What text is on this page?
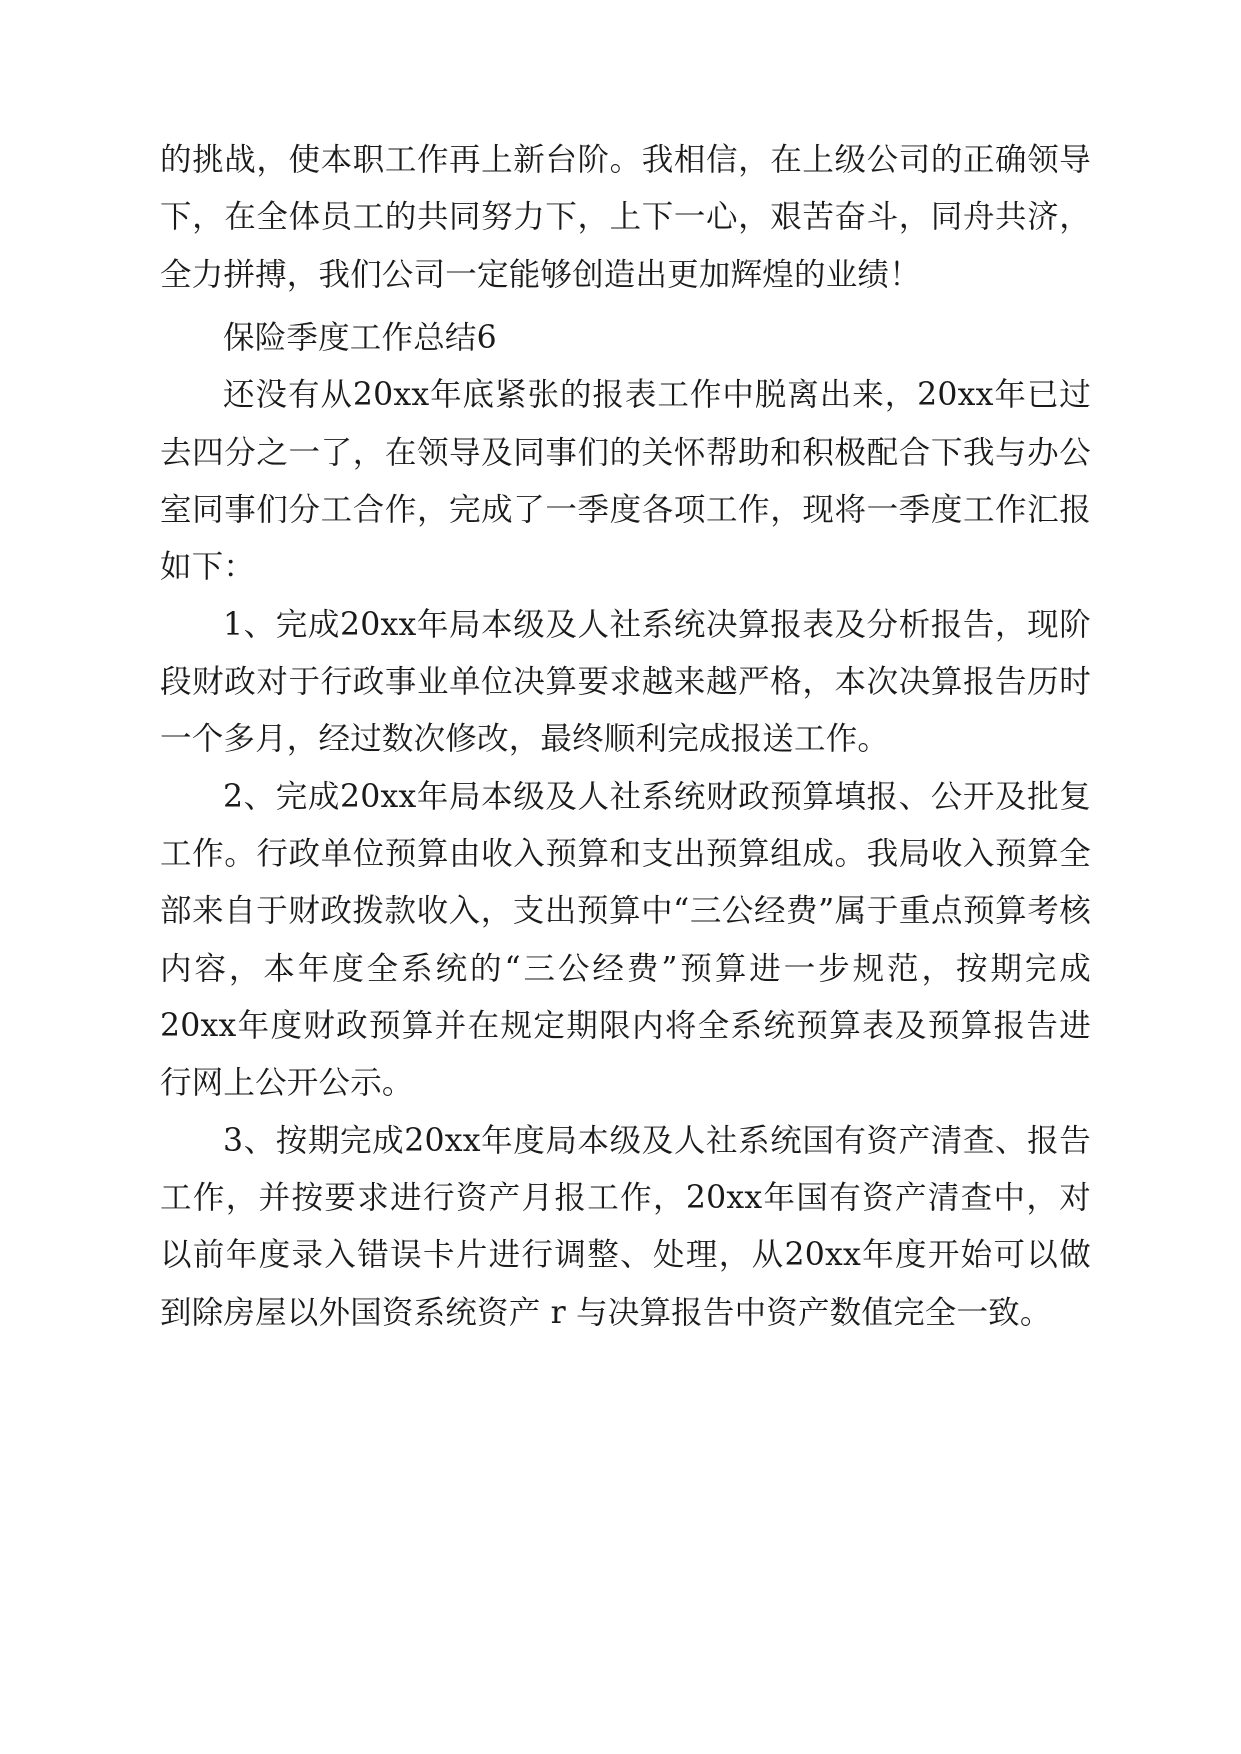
的挑战，使本职工作再上新台阶。我相信，在上级公司的正确领导下，在全体员工的共同努力下，上下一心，艰苦奋斗，同舟共济，全力拼搏，我们公司一定能够创造出更加辉煌的业绩！

保险季度工作总结6

还没有从20xx年底紧张的报表工作中脱离出来，20xx年已过去四分之一了，在领导及同事们的关怀帮助和积极配合下我与办公室同事们分工合作，完成了一季度各项工作，现将一季度工作汇报如下：

1、完成20xx年局本级及人社系统决算报表及分析报告，现阶段财政对于行政事业单位决算要求越来越严格，本次决算报告历时一个多月，经过数次修改，最终顺利完成报送工作。

2、完成20xx年局本级及人社系统财政预算填报、公开及批复工作。行政单位预算由收入预算和支出预算组成。我局收入预算全部来自于财政拨款收入，支出预算中“三公经费”属于重点预算考核内容，本年度全系统的“三公经费”预算进一步规范，按期完成20xx年度财政预算并在规定期限内将全系统预算表及预算报告进行网上公开公示。

3、按期完成20xx年度局本级及人社系统国有资产清查、报告工作，并按要求进行资产月报工作，20xx年国有资产清查中，对以前年度录入错误卡片进行调整、处理，从20xx年度开始可以做到除房屋以外国资系统资产 r 与决算报告中资产数值完全一致。
